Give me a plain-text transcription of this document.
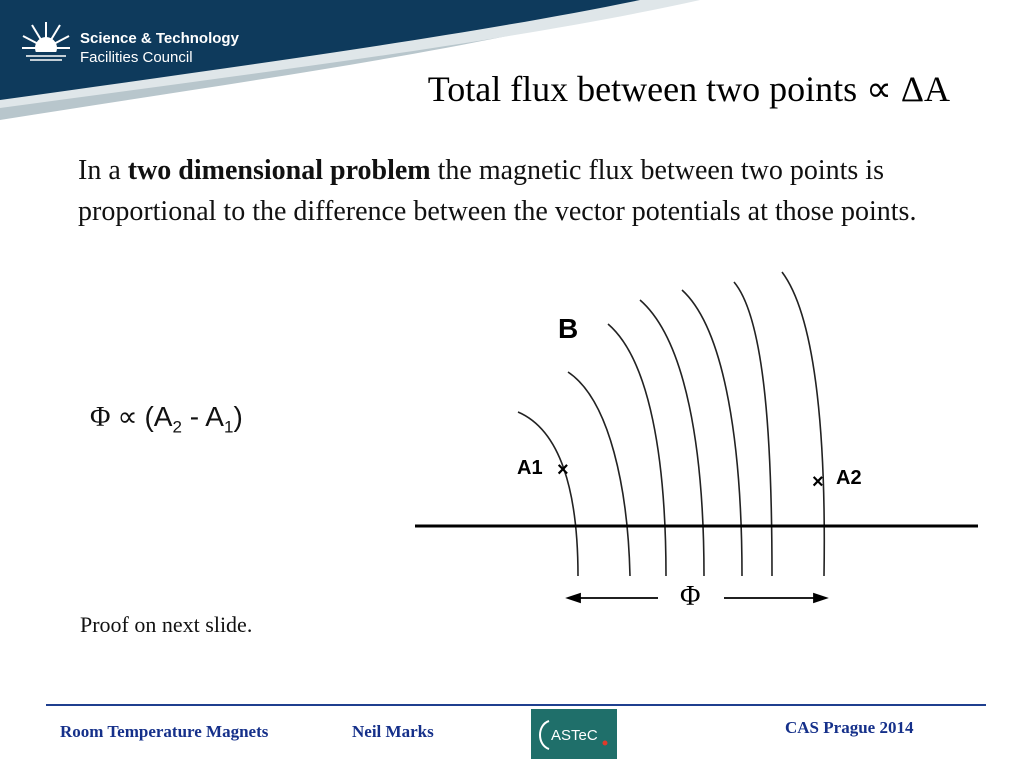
Science & Technology

Facilities Council

Total flux between two points ∝ ΔA

In a two dimensional problem the magnetic flux between two points is proportional to the difference between the vector potentials at those points.

$\Phi \propto (A_2 - A_1)$

B
A1 ×
× A2
Φ

Proof on next slide.

Room Temperature Magnets	Neil Marks	ASTeC	CAS Prague 2014
